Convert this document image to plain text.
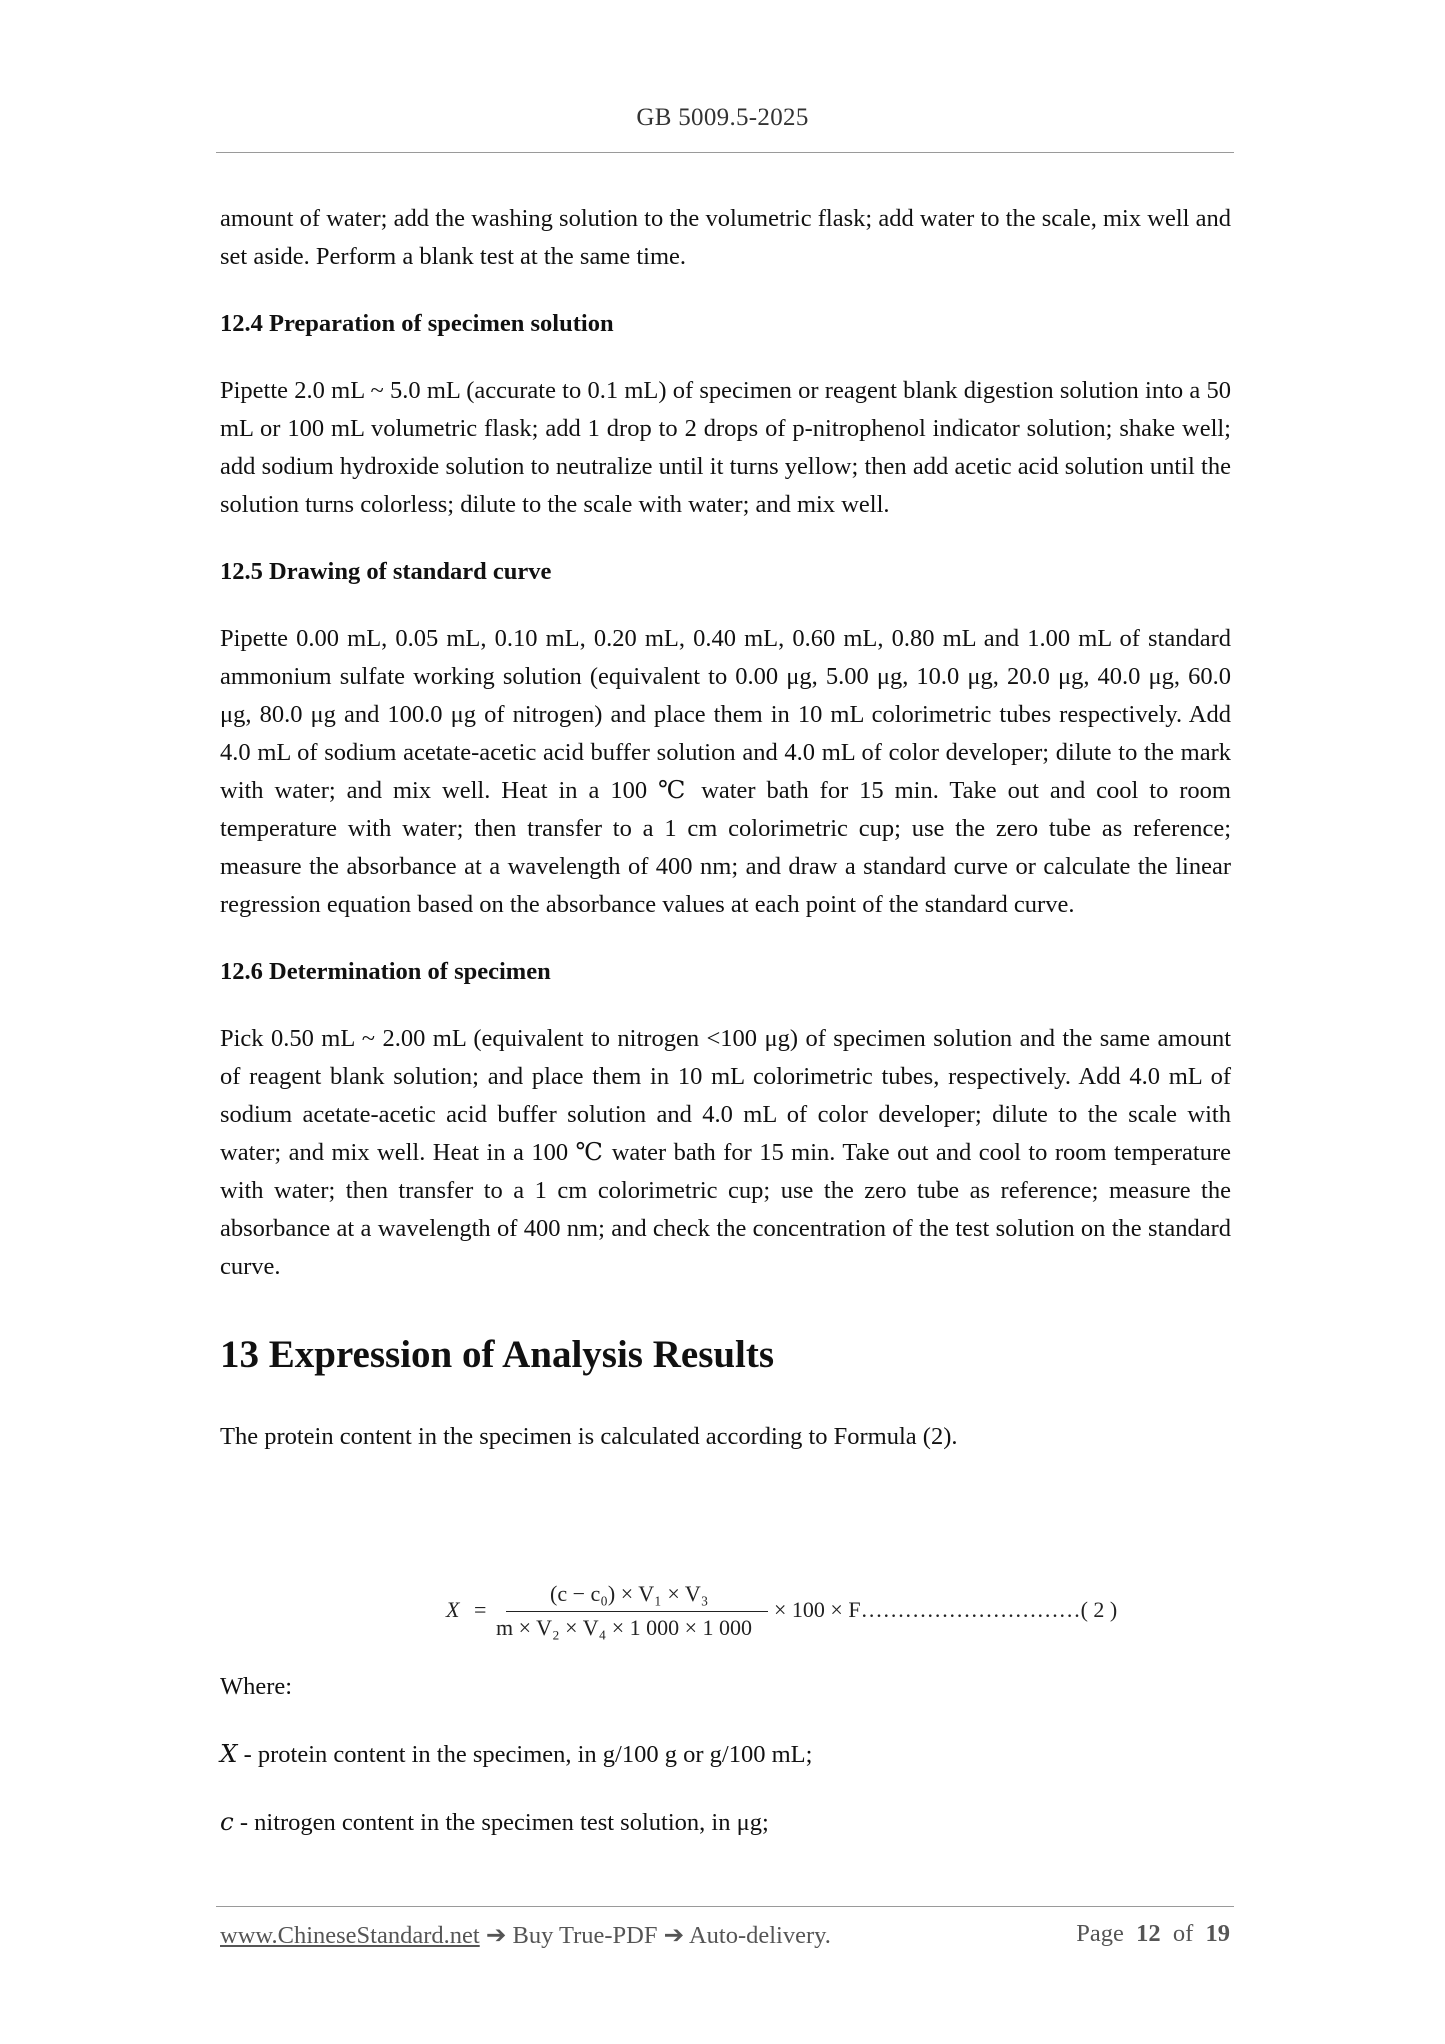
GB 5009.5-2025

amount of water; add the washing solution to the volumetric flask; add water to the scale, mix well and set aside. Perform a blank test at the same time.

12.4 Preparation of specimen solution

Pipette 2.0 mL ~ 5.0 mL (accurate to 0.1 mL) of specimen or reagent blank digestion solution into a 50 mL or 100 mL volumetric flask; add 1 drop to 2 drops of p-nitrophenol indicator solution; shake well; add sodium hydroxide solution to neutralize until it turns yellow; then add acetic acid solution until the solution turns colorless; dilute to the scale with water; and mix well.

12.5 Drawing of standard curve

Pipette 0.00 mL, 0.05 mL, 0.10 mL, 0.20 mL, 0.40 mL, 0.60 mL, 0.80 mL and 1.00 mL of standard ammonium sulfate working solution (equivalent to 0.00 μg, 5.00 μg, 10.0 μg, 20.0 μg, 40.0 μg, 60.0 μg, 80.0 μg and 100.0 μg of nitrogen) and place them in 10 mL colorimetric tubes respectively. Add 4.0 mL of sodium acetate-acetic acid buffer solution and 4.0 mL of color developer; dilute to the mark with water; and mix well. Heat in a 100 ℃ water bath for 15 min. Take out and cool to room temperature with water; then transfer to a 1 cm colorimetric cup; use the zero tube as reference; measure the absorbance at a wavelength of 400 nm; and draw a standard curve or calculate the linear regression equation based on the absorbance values at each point of the standard curve.

12.6 Determination of specimen

Pick 0.50 mL ~ 2.00 mL (equivalent to nitrogen <100 μg) of specimen solution and the same amount of reagent blank solution; and place them in 10 mL colorimetric tubes, respectively. Add 4.0 mL of sodium acetate-acetic acid buffer solution and 4.0 mL of color developer; dilute to the scale with water; and mix well. Heat in a 100 ℃ water bath for 15 min. Take out and cool to room temperature with water; then transfer to a 1 cm colorimetric cup; use the zero tube as reference; measure the absorbance at a wavelength of 400 nm; and check the concentration of the test solution on the standard curve.

13 Expression of Analysis Results

The protein content in the specimen is calculated according to Formula (2).

X =
(c − c₀) × V₁ × V₃
m × V₂ × V₄ × 1 000 × 1 000
× 100 × F…………………………( 2 )

Where:

X - protein content in the specimen, in g/100 g or g/100 mL;

c - nitrogen content in the specimen test solution, in μg;

www.ChineseStandard.net ➔ Buy True-PDF ➔ Auto-delivery.	Page 12 of 19
